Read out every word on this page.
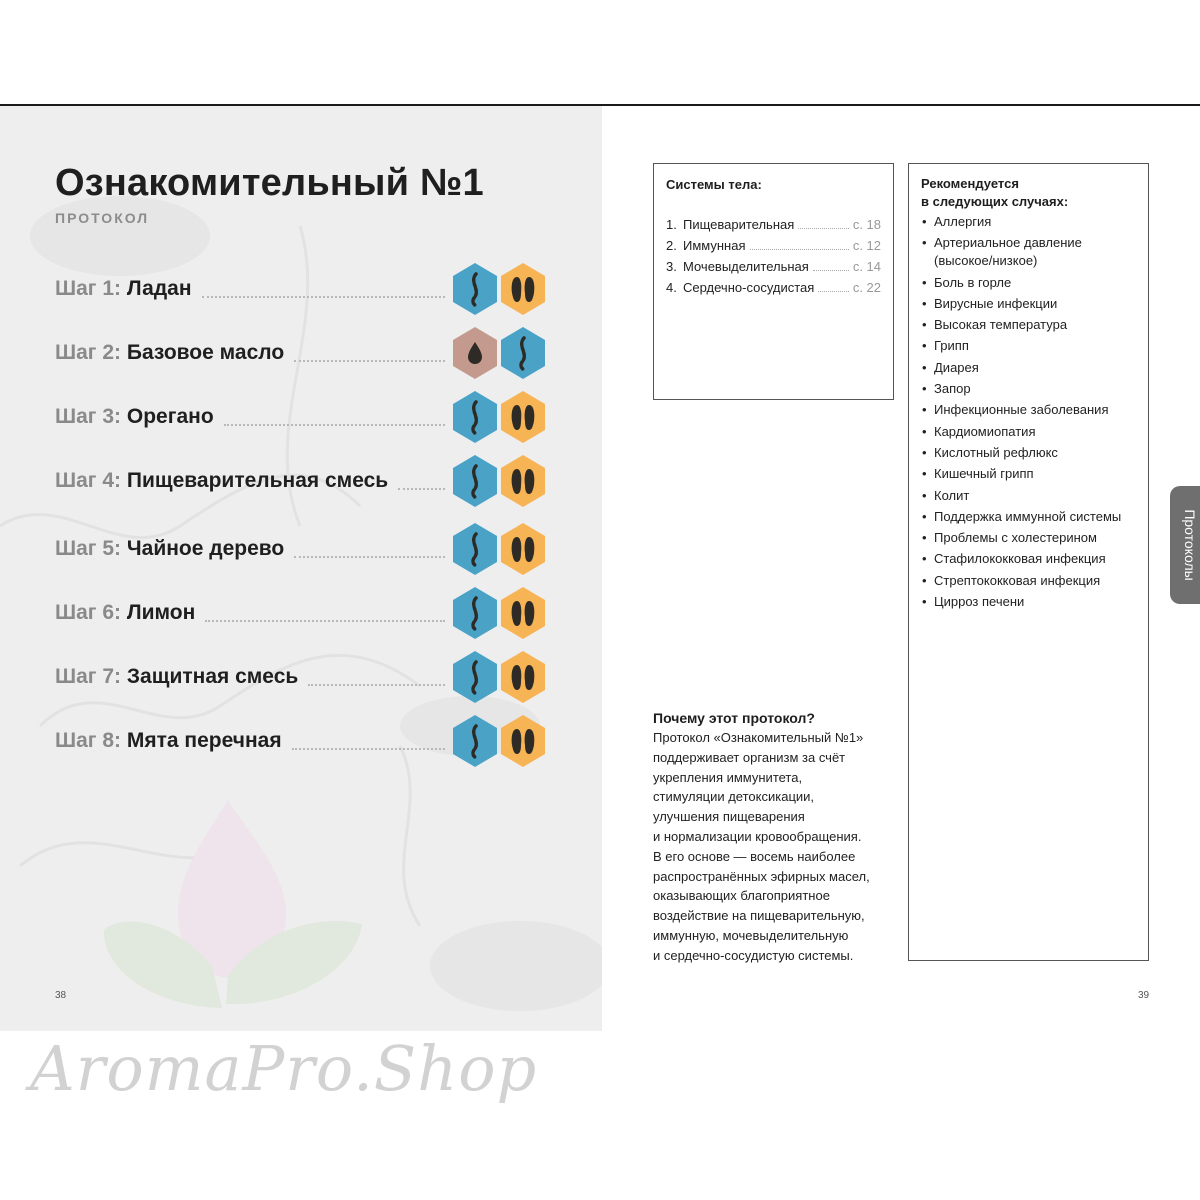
Ознакомительный №1
ПРОТОКОЛ
Шаг 1: Ладан
Шаг 2: Базовое масло
Шаг 3: Орегано
Шаг 4: Пищеварительная смесь
Шаг 5: Чайное дерево
Шаг 6: Лимон
Шаг 7: Защитная смесь
Шаг 8: Мята перечная
38
Системы тела:
1. Пищеварительная	с. 18
2. Иммунная	с. 12
3. Мочевыделительная	с. 14
4. Сердечно-сосудистая	с. 22
Рекомендуется
в следующих случаях:
• Аллергия
• Артериальное давление (высокое/низкое)
• Боль в горле
• Вирусные инфекции
• Высокая температура
• Грипп
• Диарея
• Запор
• Инфекционные заболевания
• Кардиомиопатия
• Кислотный рефлюкс
• Кишечный грипп
• Колит
• Поддержка иммунной системы
• Проблемы с холестерином
• Стафилококковая инфекция
• Стрептококковая инфекция
• Цирроз печени
Почему этот протокол?
Протокол «Ознакомительный №1»
поддерживает организм за счёт
укрепления иммунитета,
стимуляции детоксикации,
улучшения пищеварения
и нормализации кровообращения.
В его основе — восемь наиболее
распространённых эфирных масел,
оказывающих благоприятное
воздействие на пищеварительную,
иммунную, мочевыделительную
и сердечно-сосудистую системы.
39
Протоколы
AromaPro.Shop
